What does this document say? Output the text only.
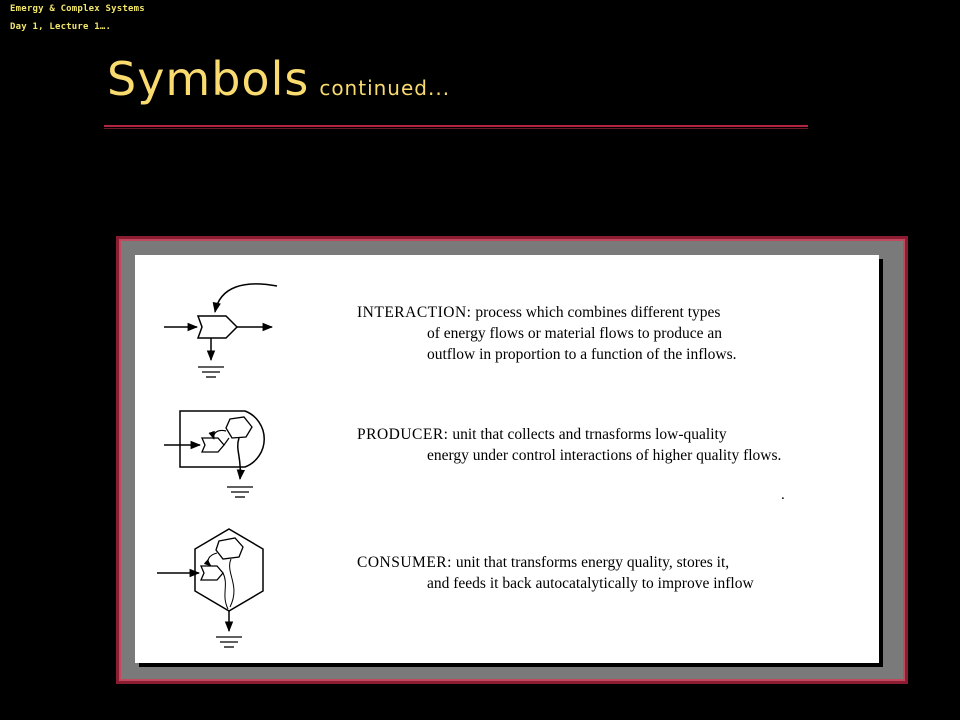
Emergy & Complex Systems
Day 1, Lecture 1….
Symbols continued...
INTERACTION: process which combines different types
of energy flows or material flows to produce an
outflow in proportion to a function of the inflows.
PRODUCER: unit that collects and trnasforms low-quality
energy under control interactions of higher quality flows.
.
CONSUMER: unit that transforms energy quality, stores it,
and feeds it back autocatalytically to improve inflow
